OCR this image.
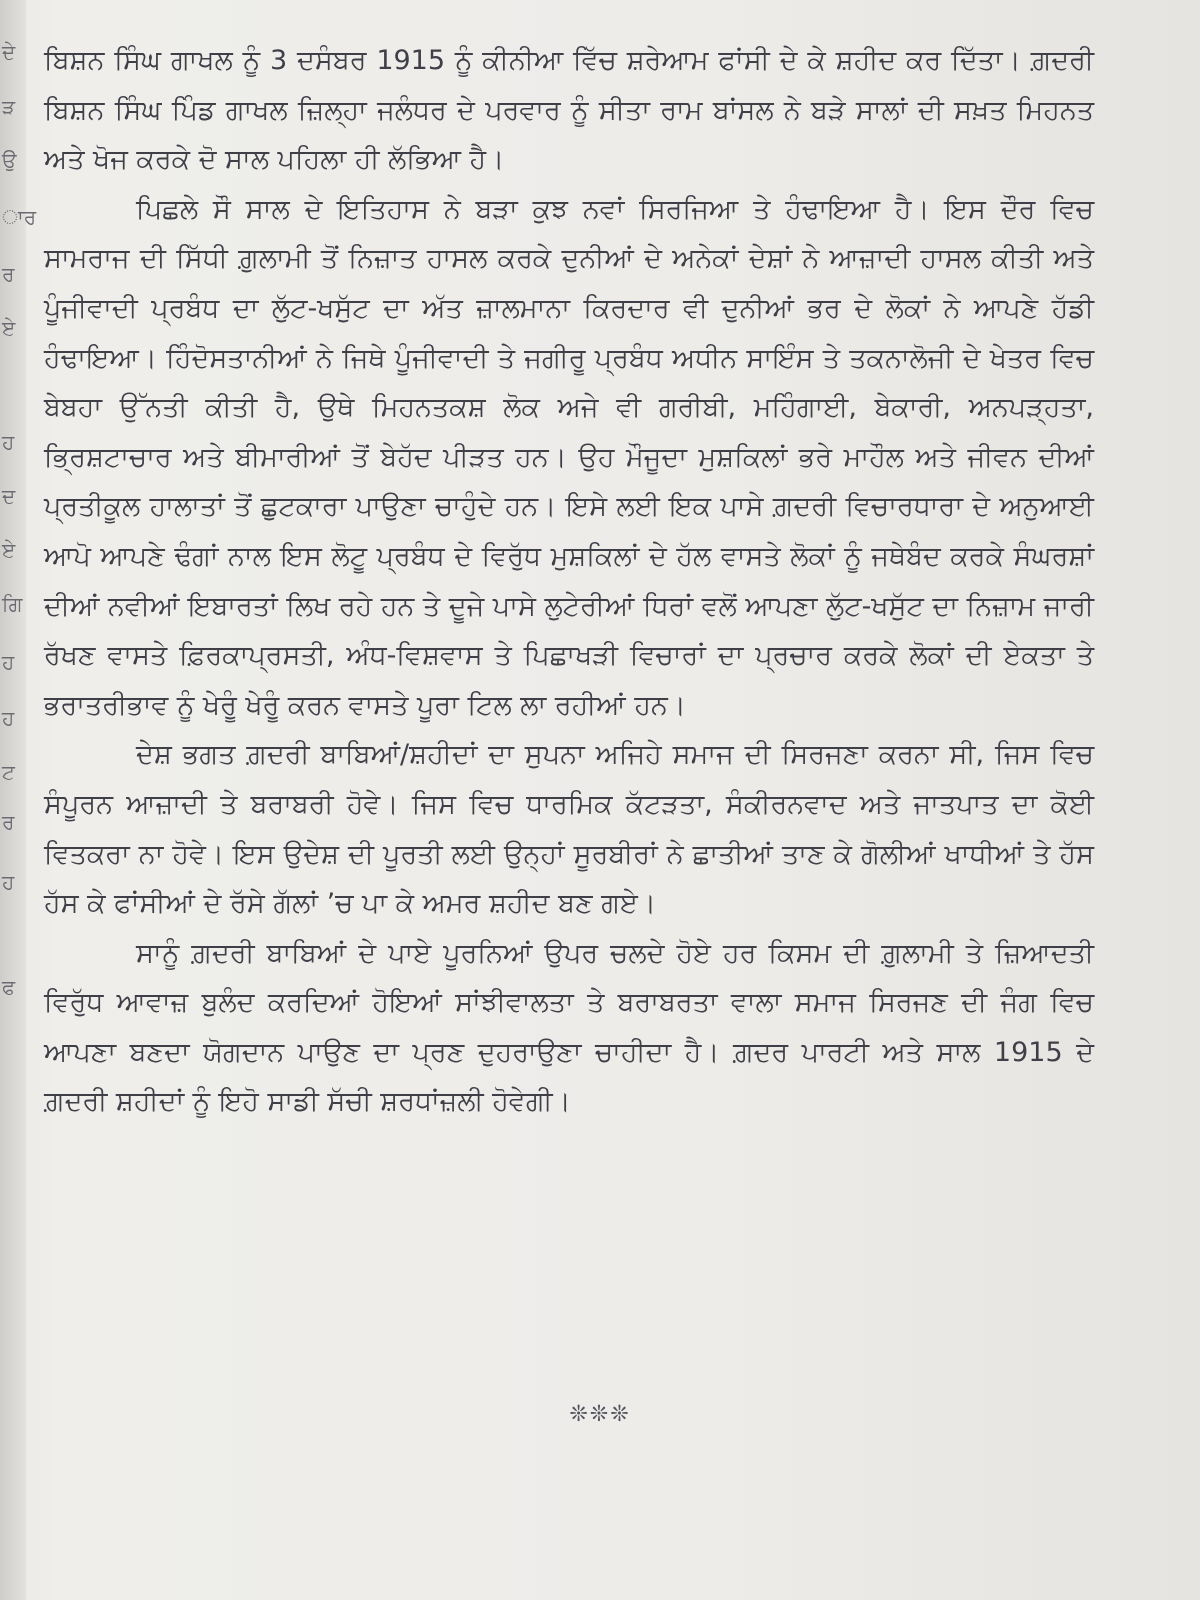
ਦੇ
ੜ
ਉ
ਾਰ
ਰ
ਏ
ਹ
ਦ
ਏ
ਗਿ
ਹ
ਹ
ਟ
ਰ
ਹ
ਫ

ਬਿਸ਼ਨ ਸਿੰਘ ਗਾਖਲ ਨੂੰ 3 ਦਸੰਬਰ 1915 ਨੂੰ ਕੀਨੀਆ ਵਿੱਚ ਸ਼ਰੇਆਮ ਫਾਂਸੀ ਦੇ ਕੇ ਸ਼ਹੀਦ ਕਰ ਦਿੱਤਾ। ਗ਼ਦਰੀ ਬਿਸ਼ਨ ਸਿੰਘ ਪਿੰਡ ਗਾਖਲ ਜ਼ਿਲ੍ਹਾ ਜਲੰਧਰ ਦੇ ਪਰਵਾਰ ਨੂੰ ਸੀਤਾ ਰਾਮ ਬਾਂਸਲ ਨੇ ਬੜੇ ਸਾਲਾਂ ਦੀ ਸਖ਼ਤ ਮਿਹਨਤ ਅਤੇ ਖੋਜ ਕਰਕੇ ਦੋ ਸਾਲ ਪਹਿਲਾ ਹੀ ਲੱਭਿਆ ਹੈ।

ਪਿਛਲੇ ਸੌ ਸਾਲ ਦੇ ਇਤਿਹਾਸ ਨੇ ਬੜਾ ਕੁਝ ਨਵਾਂ ਸਿਰਜਿਆ ਤੇ ਹੰਢਾਇਆ ਹੈ। ਇਸ ਦੌਰ ਵਿਚ ਸਾਮਰਾਜ ਦੀ ਸਿੱਧੀ ਗ਼ੁਲਾਮੀ ਤੋਂ ਨਿਜ਼ਾਤ ਹਾਸਲ ਕਰਕੇ ਦੁਨੀਆਂ ਦੇ ਅਨੇਕਾਂ ਦੇਸ਼ਾਂ ਨੇ ਆਜ਼ਾਦੀ ਹਾਸਲ ਕੀਤੀ ਅਤੇ ਪੂੰਜੀਵਾਦੀ ਪ੍ਰਬੰਧ ਦਾ ਲੁੱਟ-ਖਸੁੱਟ ਦਾ ਅੱਤ ਜ਼ਾਲਮਾਨਾ ਕਿਰਦਾਰ ਵੀ ਦੁਨੀਆਂ ਭਰ ਦੇ ਲੋਕਾਂ ਨੇ ਆਪਣੇ ਹੱਡੀ ਹੰਢਾਇਆ। ਹਿੰਦੋਸਤਾਨੀਆਂ ਨੇ ਜਿਥੇ ਪੂੰਜੀਵਾਦੀ ਤੇ ਜਗੀਰੂ ਪ੍ਰਬੰਧ ਅਧੀਨ ਸਾਇੰਸ ਤੇ ਤਕਨਾਲੋਜੀ ਦੇ ਖੇਤਰ ਵਿਚ ਬੇਬਹਾ ਉੱਨਤੀ ਕੀਤੀ ਹੈ, ਉਥੇ ਮਿਹਨਤਕਸ਼ ਲੋਕ ਅਜੇ ਵੀ ਗਰੀਬੀ, ਮਹਿੰਗਾਈ, ਬੇਕਾਰੀ, ਅਨਪੜ੍ਹਤਾ, ਭ੍ਰਿਸ਼ਟਾਚਾਰ ਅਤੇ ਬੀਮਾਰੀਆਂ ਤੋਂ ਬੇਹੱਦ ਪੀੜਤ ਹਨ। ਉਹ ਮੌਜੂਦਾ ਮੁਸ਼ਕਿਲਾਂ ਭਰੇ ਮਾਹੌਲ ਅਤੇ ਜੀਵਨ ਦੀਆਂ ਪ੍ਰਤੀਕੂਲ ਹਾਲਾਤਾਂ ਤੋਂ ਛੁਟਕਾਰਾ ਪਾਉਣਾ ਚਾਹੁੰਦੇ ਹਨ। ਇਸੇ ਲਈ ਇਕ ਪਾਸੇ ਗ਼ਦਰੀ ਵਿਚਾਰਧਾਰਾ ਦੇ ਅਨੁਆਈ ਆਪੋ ਆਪਣੇ ਢੰਗਾਂ ਨਾਲ ਇਸ ਲੋਟੂ ਪ੍ਰਬੰਧ ਦੇ ਵਿਰੁੱਧ ਮੁਸ਼ਕਿਲਾਂ ਦੇ ਹੱਲ ਵਾਸਤੇ ਲੋਕਾਂ ਨੂੰ ਜਥੇਬੰਦ ਕਰਕੇ ਸੰਘਰਸ਼ਾਂ ਦੀਆਂ ਨਵੀਆਂ ਇਬਾਰਤਾਂ ਲਿਖ ਰਹੇ ਹਨ ਤੇ ਦੂਜੇ ਪਾਸੇ ਲੁਟੇਰੀਆਂ ਧਿਰਾਂ ਵਲੋਂ ਆਪਣਾ ਲੁੱਟ-ਖਸੁੱਟ ਦਾ ਨਿਜ਼ਾਮ ਜਾਰੀ ਰੱਖਣ ਵਾਸਤੇ ਫ਼ਿਰਕਾਪ੍ਰਸਤੀ, ਅੰਧ-ਵਿਸ਼ਵਾਸ ਤੇ ਪਿਛਾਖੜੀ ਵਿਚਾਰਾਂ ਦਾ ਪ੍ਰਚਾਰ ਕਰਕੇ ਲੋਕਾਂ ਦੀ ਏਕਤਾ ਤੇ ਭਰਾਤਰੀਭਾਵ ਨੂੰ ਖੇਰੂੰ ਖੇਰੂੰ ਕਰਨ ਵਾਸਤੇ ਪੂਰਾ ਟਿਲ ਲਾ ਰਹੀਆਂ ਹਨ।

ਦੇਸ਼ ਭਗਤ ਗ਼ਦਰੀ ਬਾਬਿਆਂ/ਸ਼ਹੀਦਾਂ ਦਾ ਸੁਪਨਾ ਅਜਿਹੇ ਸਮਾਜ ਦੀ ਸਿਰਜਣਾ ਕਰਨਾ ਸੀ, ਜਿਸ ਵਿਚ ਸੰਪੂਰਨ ਆਜ਼ਾਦੀ ਤੇ ਬਰਾਬਰੀ ਹੋਵੇ। ਜਿਸ ਵਿਚ ਧਾਰਮਿਕ ਕੱਟੜਤਾ, ਸੰਕੀਰਨਵਾਦ ਅਤੇ ਜਾਤਪਾਤ ਦਾ ਕੋਈ ਵਿਤਕਰਾ ਨਾ ਹੋਵੇ। ਇਸ ਉਦੇਸ਼ ਦੀ ਪੂਰਤੀ ਲਈ ਉਨ੍ਹਾਂ ਸੂਰਬੀਰਾਂ ਨੇ ਛਾਤੀਆਂ ਤਾਣ ਕੇ ਗੋਲੀਆਂ ਖਾਧੀਆਂ ਤੇ ਹੱਸ ਹੱਸ ਕੇ ਫਾਂਸੀਆਂ ਦੇ ਰੱਸੇ ਗੱਲਾਂ ’ਚ ਪਾ ਕੇ ਅਮਰ ਸ਼ਹੀਦ ਬਣ ਗਏ।

ਸਾਨੂੰ ਗ਼ਦਰੀ ਬਾਬਿਆਂ ਦੇ ਪਾਏ ਪੂਰਨਿਆਂ ਉਪਰ ਚਲਦੇ ਹੋਏ ਹਰ ਕਿਸਮ ਦੀ ਗ਼ੁਲਾਮੀ ਤੇ ਜ਼ਿਆਦਤੀ ਵਿਰੁੱਧ ਆਵਾਜ਼ ਬੁਲੰਦ ਕਰਦਿਆਂ ਹੋਇਆਂ ਸਾਂਝੀਵਾਲਤਾ ਤੇ ਬਰਾਬਰਤਾ ਵਾਲਾ ਸਮਾਜ ਸਿਰਜਣ ਦੀ ਜੰਗ ਵਿਚ ਆਪਣਾ ਬਣਦਾ ਯੋਗਦਾਨ ਪਾਉਣ ਦਾ ਪ੍ਰਣ ਦੁਹਰਾਉਣਾ ਚਾਹੀਦਾ ਹੈ। ਗ਼ਦਰ ਪਾਰਟੀ ਅਤੇ ਸਾਲ 1915 ਦੇ ਗ਼ਦਰੀ ਸ਼ਹੀਦਾਂ ਨੂੰ ਇਹੋ ਸਾਡੀ ਸੱਚੀ ਸ਼ਰਧਾਂਜ਼ਲੀ ਹੋਵੇਗੀ।

❊❊❊
